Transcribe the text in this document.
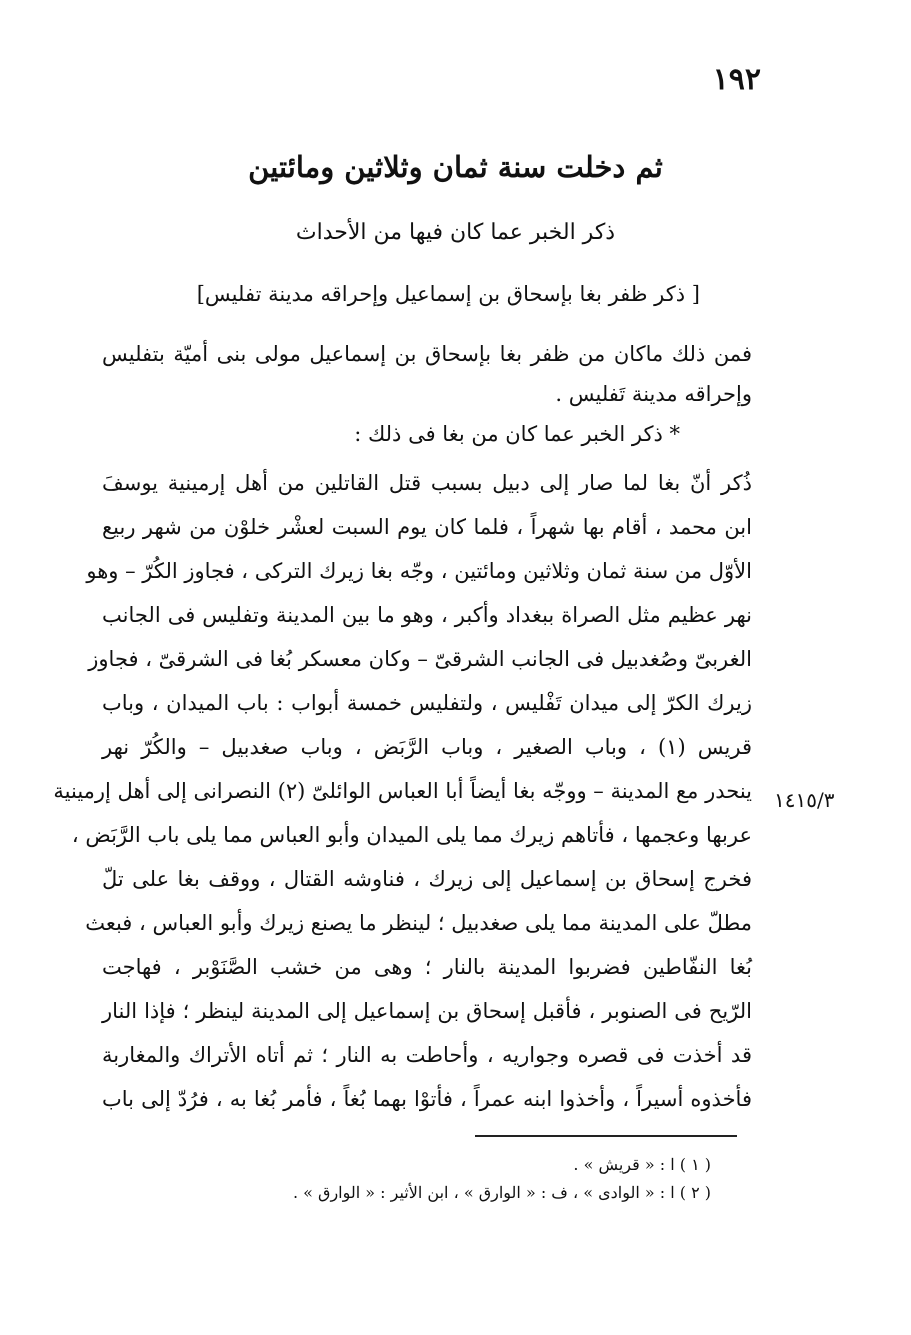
١٩٢
ثم دخلت سنة ثمان وثلاثين ومائتين
ذكر الخبر عما كان فيها من الأحداث
[ ذكر ظفر بغا بإسحاق بن إسماعيل وإحراقه مدينة تفليس]
فمن ذلك ماكان من ظفر بغا بإسحاق بن إسماعيل مولى بنى أميّة بتفليس
وإحراقه مدينة تَفليس .
* ذكر الخبر عما كان من بغا فى ذلك :
ذُكر أنّ بغا لما صار إلى دبيل بسبب قتل القاتلين من أهل إرمينية يوسفَ
ابن محمد ، أقام بها شهراً ، فلما كان يوم السبت لعشْر خلوْن من شهر ربيع
الأوّل من سنة ثمان وثلاثين ومائتين ، وجّه بغا زيرك التركى ، فجاوز الكُرّ – وهو
نهر عظيم مثل الصراة ببغداد وأكبر ، وهو ما بين المدينة وتفليس فى الجانب
الغربىّ وصُغدبيل فى الجانب الشرقىّ – وكان معسكر بُغا فى الشرقىّ ، فجاوز
زيرك الكرّ إلى ميدان تَفْليس ، ولتفليس خمسة أبواب : باب الميدان ، وباب
قريس (١) ، وباب الصغير ، وباب الرَّبَض ، وباب صغدبيل – والكُرّ نهر
ينحدر مع المدينة – ووجّه بغا أيضاً أبا العباس الوائلىّ (٢) النصرانى إلى أهل إرمينية
عربها وعجمها ، فأتاهم زيرك مما يلى الميدان وأبو العباس مما يلى باب الرَّبَض ،
فخرج إسحاق بن إسماعيل إلى زيرك ، فناوشه القتال ، ووقف بغا على تلّ
مطلّ على المدينة مما يلى صغدبيل ؛ لينظر ما يصنع زيرك وأبو العباس ، فبعث
بُغا النفّاطين فضربوا المدينة بالنار ؛ وهى من خشب الصَّنَوْبر ، فهاجت
الرّيح فى الصنوبر ، فأقبل إسحاق بن إسماعيل إلى المدينة لينظر ؛ فإذا النار
قد أخذت فى قصره وجواريه ، وأحاطت به النار ؛ ثم أتاه الأتراك والمغاربة
فأخذوه أسيراً ، وأخذوا ابنه عمراً ، فأتوْا بهما بُغاً ، فأمر بُغا به ، فرُدّ إلى باب
١٤١٥/٣
( ١ ) ا : « قريش » .
( ٢ ) ا : « الوادى » ، ف : « الوارق » ، ابن الأثير : « الوارق » .
